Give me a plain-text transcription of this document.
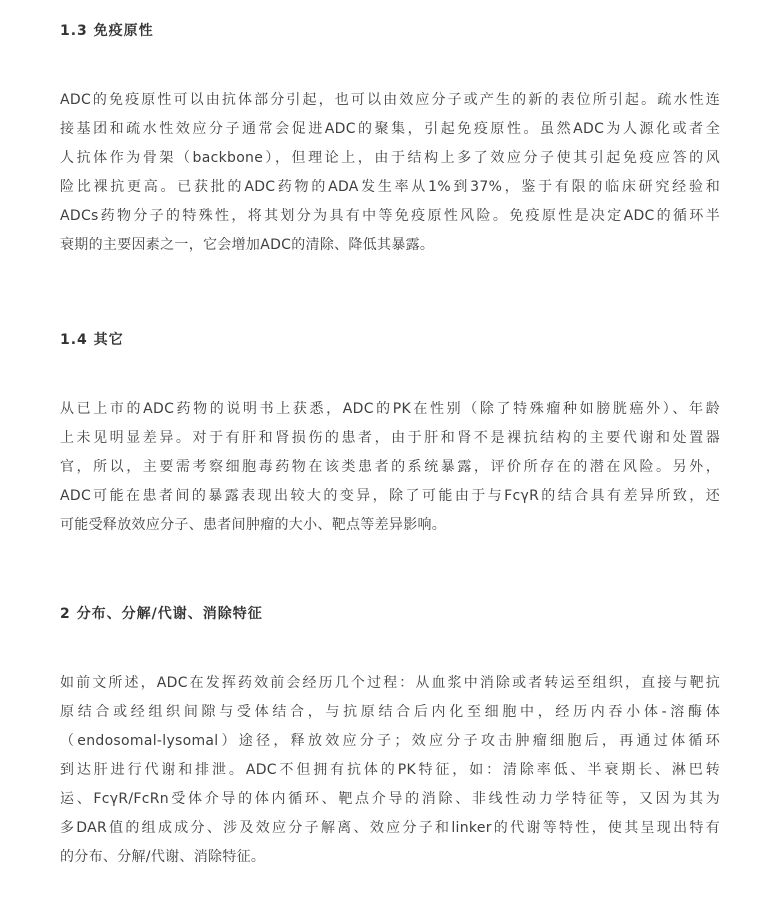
1.3 免疫原性
ADC的免疫原性可以由抗体部分引起，也可以由效应分子或产生的新的表位所引起。疏水性连
接基团和疏水性效应分子通常会促进ADC的聚集，引起免疫原性。虽然ADC为人源化或者全
人抗体作为骨架（backbone），但理论上，由于结构上多了效应分子使其引起免疫应答的风
险比裸抗更高。已获批的ADC药物的ADA发生率从1%到37%，鉴于有限的临床研究经验和
ADCs药物分子的特殊性，将其划分为具有中等免疫原性风险。免疫原性是决定ADC的循环半
衰期的主要因素之一，它会增加ADC的清除、降低其暴露。
1.4 其它
从已上市的ADC药物的说明书上获悉，ADC的PK在性别（除了特殊瘤种如膀胱癌外）、年龄
上未见明显差异。对于有肝和肾损伤的患者，由于肝和肾不是裸抗结构的主要代谢和处置器
官，所以，主要需考察细胞毒药物在该类患者的系统暴露，评价所存在的潜在风险。另外，
ADC可能在患者间的暴露表现出较大的变异，除了可能由于与FcγR的结合具有差异所致，还
可能受释放效应分子、患者间肿瘤的大小、靶点等差异影响。
2 分布、分解/代谢、消除特征
如前文所述，ADC在发挥药效前会经历几个过程：从血浆中消除或者转运至组织，直接与靶抗
原结合或经组织间隙与受体结合，与抗原结合后内化至细胞中，经历内吞小体-溶酶体
（endosomal-lysomal）途径，释放效应分子；效应分子攻击肿瘤细胞后，再通过体循环
到达肝进行代谢和排泄。ADC不但拥有抗体的PK特征，如：清除率低、半衰期长、淋巴转
运、FcγR/FcRn受体介导的体内循环、靶点介导的消除、非线性动力学特征等，又因为其为
多DAR值的组成成分、涉及效应分子解离、效应分子和linker的代谢等特性，使其呈现出特有
的分布、分解/代谢、消除特征。
